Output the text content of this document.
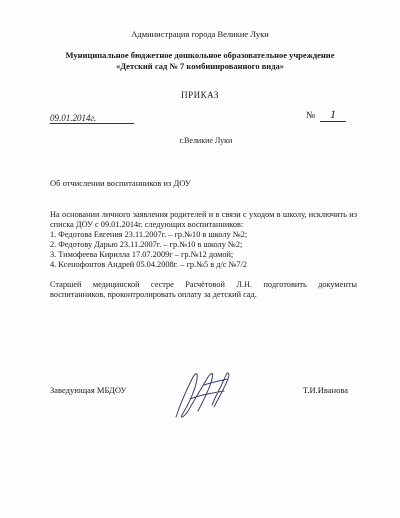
Администрация города Великие Луки
Муниципальное бюджетное дошкольное образовательное учреждение
«Детский сад № 7 комбинированного вида»
ПРИКАЗ
09.01.2014г.	№	1
г.Великие Луки
Об отчислении воспитанников из ДОУ
На основании личного заявления родителей и в связи с уходом в школу, исключить из списка ДОУ с 09.01.2014г. следующих воспитанников:
1. Федотова Евгения 23.11.2007г. – гр.№10 в школу №2;
2. Федотову Дарью 23.11.2007г. – гр.№10 в школу №2;
3. Тимофеева Кирилла 17.07.2009г – гр.№12 домой;
4. Ксенофонтов Андрей 05.04.2008г. – гр.№5 в д/с №7/2
Старшей медицинской сестре Расчётовой Л.Н. подготовить документы воспитанников, проконтролировать оплату за детский сад.
Заведующая МБДОУ	Т.И.Иванова
